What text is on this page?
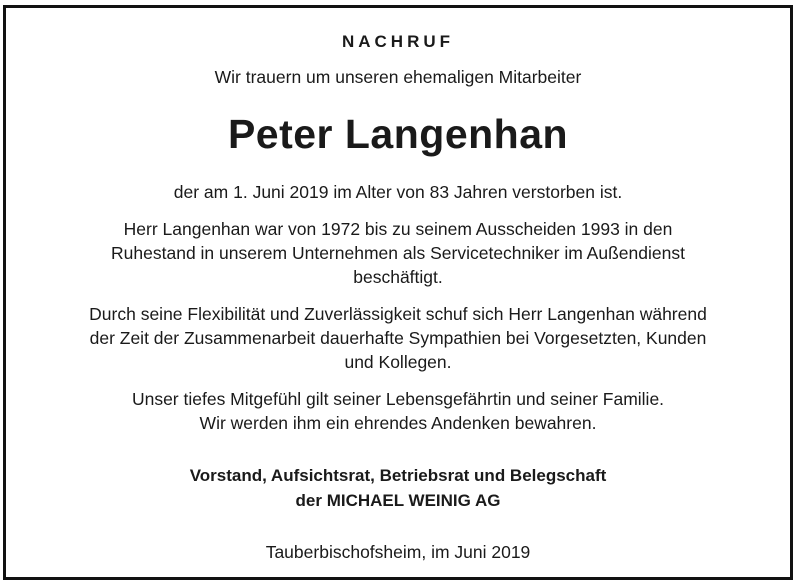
NACHRUF
Wir trauern um unseren ehemaligen Mitarbeiter
Peter Langenhan
der am 1. Juni 2019 im Alter von 83 Jahren verstorben ist.
Herr Langenhan war von 1972 bis zu seinem Ausscheiden 1993 in den
Ruhestand in unserem Unternehmen als Servicetechniker im Außendienst
beschäftigt.
Durch seine Flexibilität und Zuverlässigkeit schuf sich Herr Langenhan während
der Zeit der Zusammenarbeit dauerhafte Sympathien bei Vorgesetzten, Kunden
und Kollegen.
Unser tiefes Mitgefühl gilt seiner Lebensgefährtin und seiner Familie.
Wir werden ihm ein ehrendes Andenken bewahren.
Vorstand, Aufsichtsrat, Betriebsrat und Belegschaft
der MICHAEL WEINIG AG
Tauberbischofsheim, im Juni 2019
